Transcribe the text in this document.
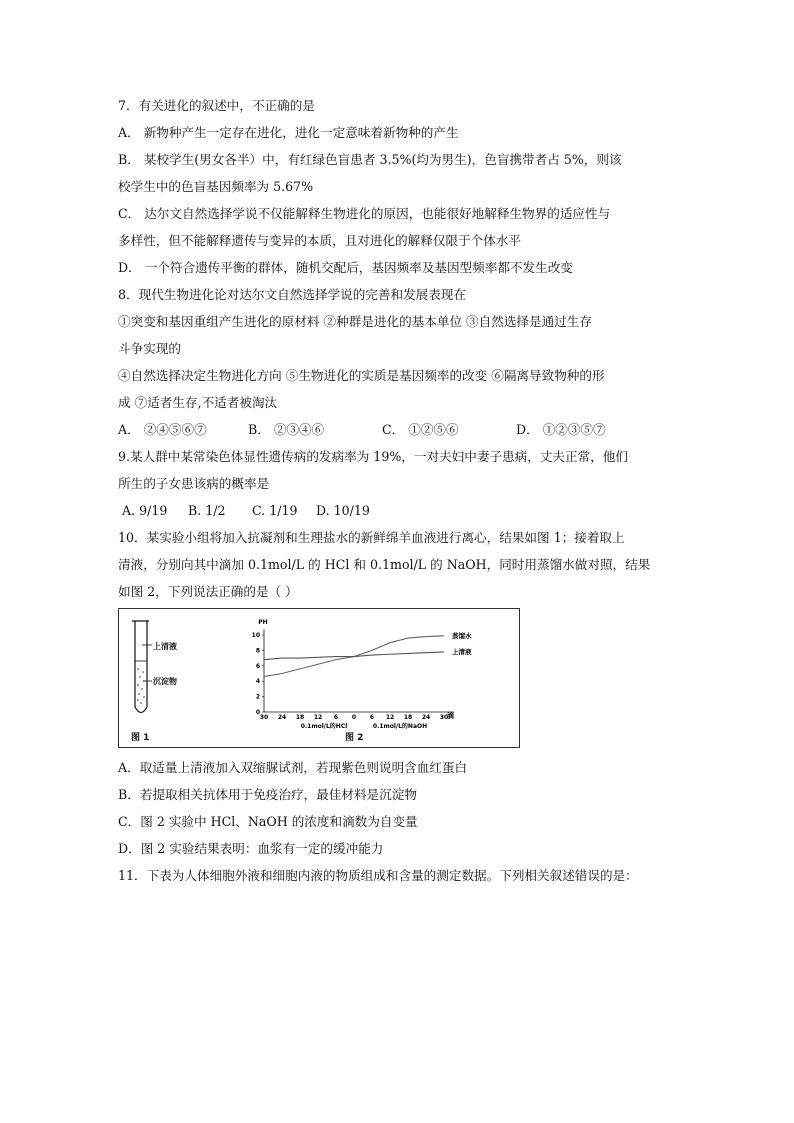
7．有关进化的叙述中，不正确的是
A． 新物种产生一定存在进化，进化一定意味着新物种的产生
B． 某校学生(男女各半）中，有红绿色盲患者 3.5%(均为男生)，色盲携带者占 5%，则该
校学生中的色盲基因频率为 5.67%
C． 达尔文自然选择学说不仅能解释生物进化的原因，也能很好地解释生物界的适应性与
多样性，但不能解释遗传与变异的本质，且对进化的解释仅限于个体水平
D． 一个符合遗传平衡的群体，随机交配后，基因频率及基因型频率都不发生改变
8．现代生物进化论对达尔文自然选择学说的完善和发展表现在
①突变和基因重组产生进化的原材料 ②种群是进化的基本单位 ③自然选择是通过生存
斗争实现的
④自然选择决定生物进化方向 ⑤生物进化的实质是基因频率的改变 ⑥隔离导致物种的形
成 ⑦适者生存,不适者被淘汰
A． ②④⑤⑥⑦	B． ②③④⑥	C． ①②⑤⑥	D． ①②③⑤⑦
9.某人群中某常染色体显性遗传病的发病率为 19%，一对夫妇中妻子患病，丈夫正常，他们
所生的子女患该病的概率是
A. 9/19	B. 1/2	C. 1/19	D. 10/19
10．某实验小组将加入抗凝剂和生理盐水的新鲜绵羊血液进行离心，结果如图 1；接着取上
清液，分别向其中滴加 0.1mol/L 的 HCl 和 0.1mol/L 的 NaOH，同时用蒸馏水做对照，结果
如图 2，下列说法正确的是（ ）
上清液
沉淀物
图 1
PH
0
2
4
6
8
10
30 24 18 12 6 0 6 12 18 24 30
蒸馏水
上清液
滴
0.1mol/L的HCl	0.1mol/L的NaOH
图 2
A．取适量上清液加入双缩脲试剂，若现紫色则说明含血红蛋白
B．若提取相关抗体用于免疫治疗，最佳材料是沉淀物
C．图 2 实验中 HCl、NaOH 的浓度和滴数为自变量
D．图 2 实验结果表明：血浆有一定的缓冲能力
11．下表为人体细胞外液和细胞内液的物质组成和含量的测定数据。下列相关叙述错误的是：
